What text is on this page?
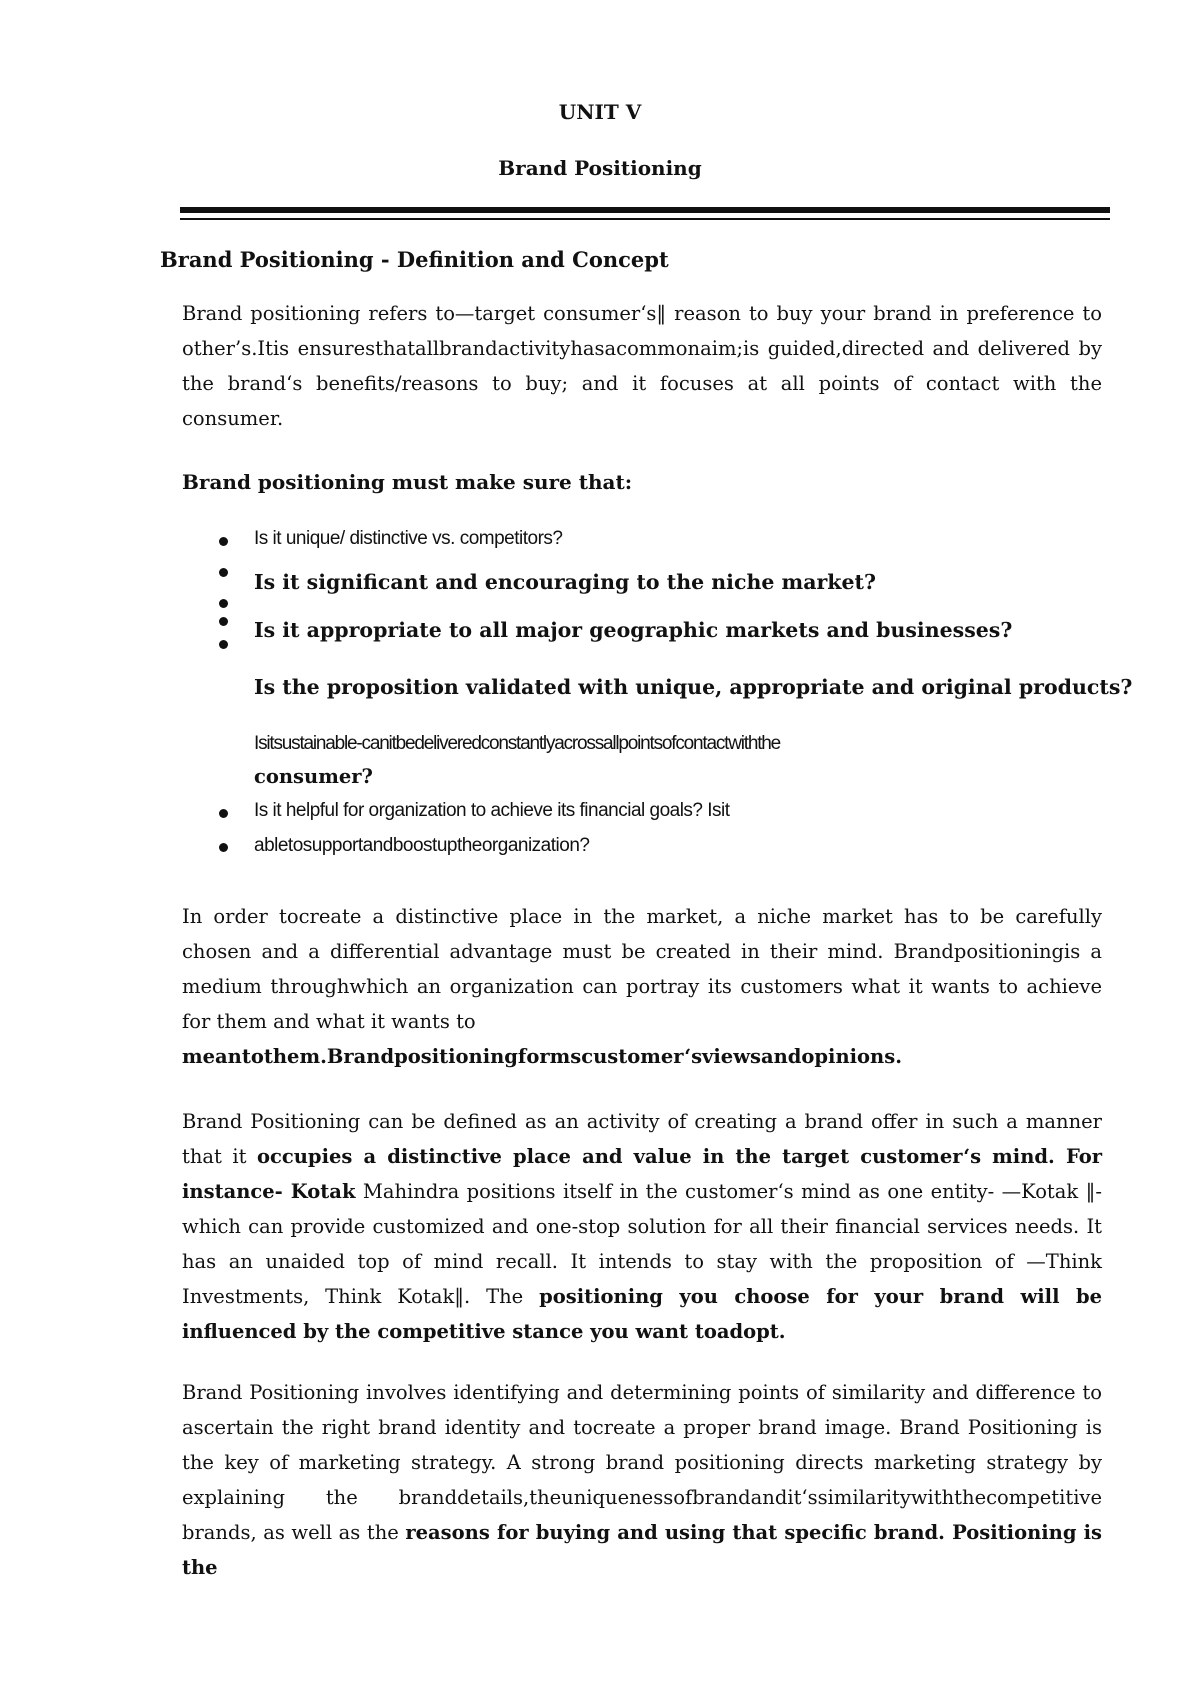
UNIT V
Brand Positioning
Brand Positioning - Definition and Concept
Brand positioning refers to—target consumer‘s‖ reason to buy your brand in preference to other’s.Itis ensuresthatallbrandactivityhasacommonaim;is guided,directed and delivered by the brand‘s benefits/reasons to buy; and it focuses at all points of contact with the consumer.
Brand positioning must make sure that:
Is it unique/ distinctive vs. competitors?
Is it significant and encouraging to the niche market?
Is it appropriate to all major geographic markets and businesses?
Is the proposition validated with unique, appropriate and original products?
Isitsustainable-canitbedeliveredconstantlyacrossallpointsofcontactwiththe
consumer?
Is it helpful for organization to achieve its financial goals? Isit
abletosupportandboostuptheorganization?
In order tocreate a distinctive place in the market, a niche market has to be carefully chosen and a differential advantage must be created in their mind. Brandpositioningis a medium throughwhich an organization can portray its customers what it wants to achieve for them and what it wants to
meantothem.Brandpositioningformscustomer‘sviewsandopinions.
Brand Positioning can be defined as an activity of creating a brand offer in such a manner that it occupies a distinctive place and value in the target customer‘s mind. For instance- Kotak Mahindra positions itself in the customer‘s mind as one entity- —Kotak ‖- which can provide customized and one-stop solution for all their financial services needs. It has an unaided top of mind recall. It intends to stay with the proposition of —Think Investments, Think Kotak‖. The positioning you choose for your brand will be influenced by the competitive stance you want toadopt.
Brand Positioning involves identifying and determining points of similarity and difference to ascertain the right brand identity and tocreate a proper brand image. Brand Positioning is the key of marketing strategy. A strong brand positioning directs marketing strategy by explaining the branddetails,theuniquenessofbrandandit‘ssimilaritywiththecompetitive brands, as well as the reasons for buying and using that specific brand. Positioning is the
